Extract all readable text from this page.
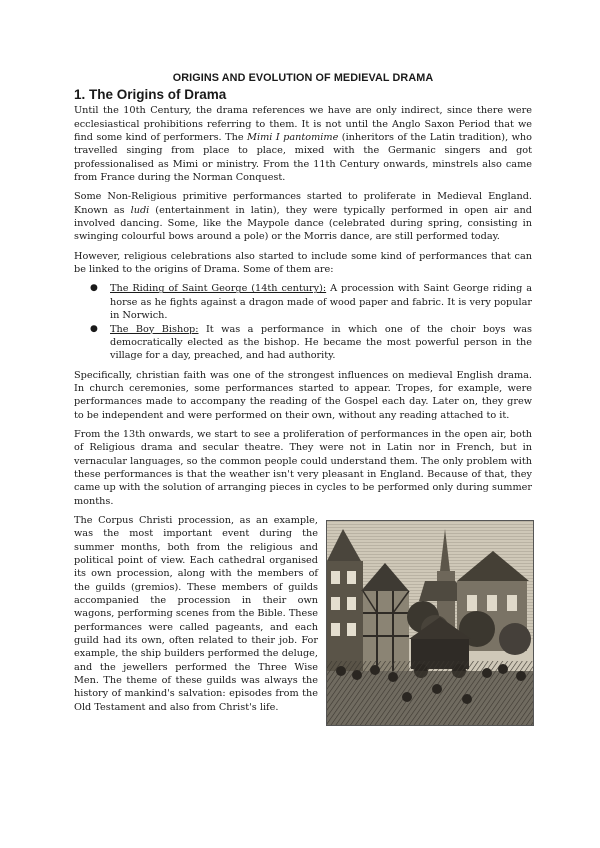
ORIGINS AND EVOLUTION OF MEDIEVAL DRAMA
1. The Origins of Drama

Until the 10th Century, the drama references we have are only indirect, since there were ecclesiastical prohibitions referring to them. It is not until the Anglo Saxon Period that we find some kind of performers. The Mimi I pantomime (inheritors of the Latin tradition), who travelled singing from place to place, mixed with the Germanic singers and got professionalised as Mimi or ministry. From the 11th Century onwards, minstrels also came from France during the Norman Conquest.

Some Non-Religious primitive performances started to proliferate in Medieval England. Known as ludi (entertainment in latin), they were typically performed in open air and involved dancing. Some, like the Maypole dance (celebrated during spring, consisting in swinging colourful bows around a pole) or the Morris dance, are still performed today.

However, religious celebrations also started to include some kind of performances that can be linked to the origins of Drama. Some of them are:

● The Riding of Saint George (14th century): A procession with Saint George riding a horse as he fights against a dragon made of wood paper and fabric. It is very popular in Norwich.
● The Boy Bishop: It was a performance in which one of the choir boys was democratically elected as the bishop. He became the most powerful person in the village for a day, preached, and had authority.

Specifically, christian faith was one of the strongest influences on medieval English drama. In church ceremonies, some performances started to appear. Tropes, for example, were performances made to accompany the reading of the Gospel each day. Later on, they grew to be independent and were performed on their own, without any reading attached to it.

From the 13th onwards, we start to see a proliferation of performances in the open air, both of Religious drama and secular theatre. They were not in Latin nor in French, but in vernacular languages, so the common people could understand them. The only problem with these performances is that the weather isn't very pleasant in England. Because of that, they came up with the solution of arranging pieces in cycles to be performed only during summer months.

The Corpus Christi procession, as an example, was the most important event during the summer months, both from the religious and political point of view. Each cathedral organised its own procession, along with the members of the guilds (gremios). These members of guilds accompanied the procession in their own wagons, performing scenes from the Bible. These performances were called pageants, and each guild had its own, often related to their job. For example, the ship builders performed the deluge, and the jewellers performed the Three Wise Men. The theme of these guilds was always the history of mankind's salvation: episodes from the Old Testament and also from Christ's life.
